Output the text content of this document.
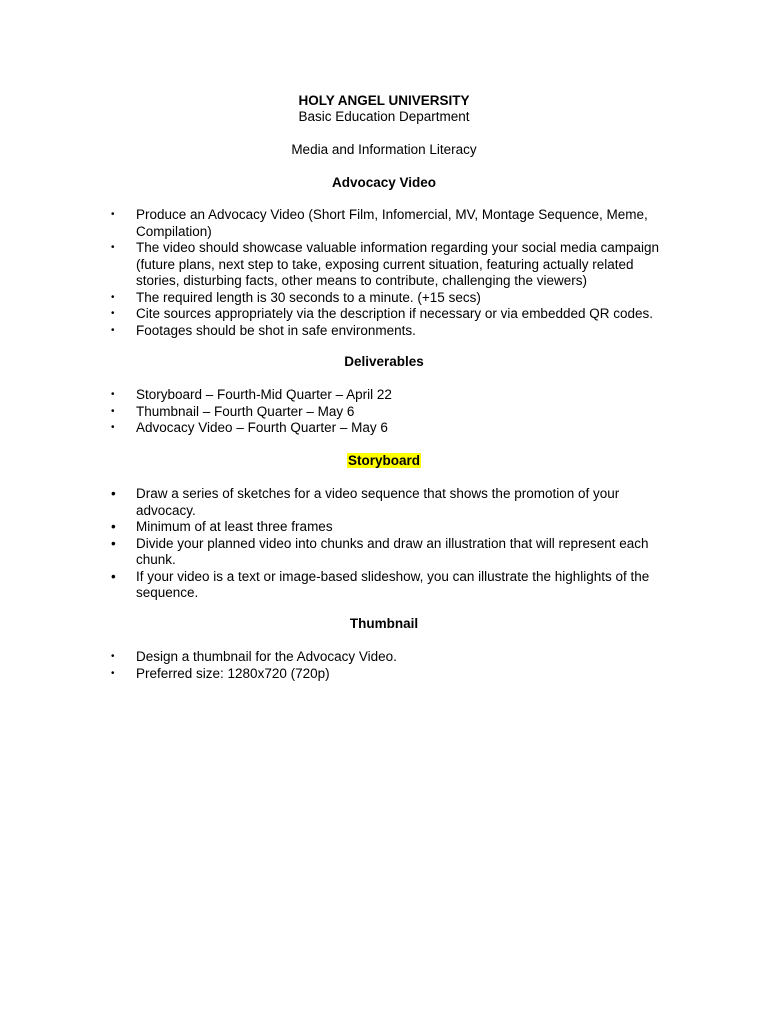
HOLY ANGEL UNIVERSITY
Basic Education Department
Media and Information Literacy
Advocacy Video
•	Produce an Advocacy Video (Short Film, Infomercial, MV, Montage Sequence, Meme, Compilation)
•	The video should showcase valuable information regarding your social media campaign (future plans, next step to take, exposing current situation, featuring actually related stories, disturbing facts, other means to contribute, challenging the viewers)
•	The required length is 30 seconds to a minute. (+15 secs)
•	Cite sources appropriately via the description if necessary or via embedded QR codes.
•	Footages should be shot in safe environments.
Deliverables
•	Storyboard – Fourth-Mid Quarter – April 22
•	Thumbnail – Fourth Quarter – May 6
•	Advocacy Video – Fourth Quarter – May 6
Storyboard
•	Draw a series of sketches for a video sequence that shows the promotion of your advocacy.
•	Minimum of at least three frames
•	Divide your planned video into chunks and draw an illustration that will represent each chunk.
•	If your video is a text or image-based slideshow, you can illustrate the highlights of the sequence.
Thumbnail
•	Design a thumbnail for the Advocacy Video.
•	Preferred size: 1280x720 (720p)
